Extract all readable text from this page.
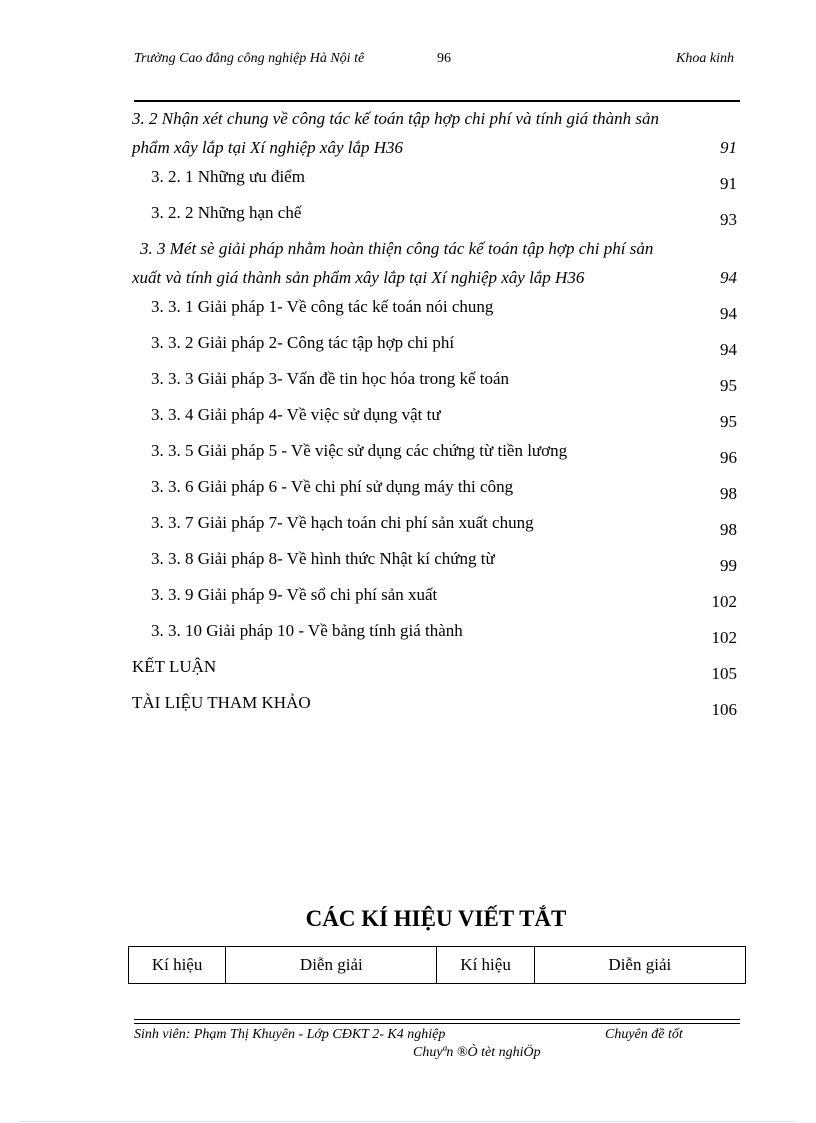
Trường Cao đẳng công nghiệp Hà Nội tê	96	Khoa kinh
3. 2 Nhận xét chung về công tác kế toán tập hợp chi phí và tính giá thành sản phẩm xây lắp tại Xí nghiệp xây lắp H36	91
3. 2. 1 Những ưu điểm	91
3. 2. 2 Những hạn chế	93
3. 3 Mét sè giải pháp nhằm hoàn thiện công tác kế toán tập hợp chi phí sản xuất và tính giá thành sản phẩm xây lắp tại Xí nghiệp xây lắp H36	94
3. 3. 1 Giải pháp 1- Về công tác kế toán nói chung	94
3. 3. 2 Giải pháp 2- Công tác tập hợp chi phí	94
3. 3. 3 Giải pháp 3- Vấn đề tin học hóa trong kế toán	95
3. 3. 4 Giải pháp 4- Về việc sử dụng vật tư	95
3. 3. 5 Giải pháp 5 - Về việc sử dụng các chứng từ tiền lương	96
3. 3. 6 Giải pháp 6 - Về chi phí sử dụng máy thi công	98
3. 3. 7 Giải pháp 7- Về hạch toán chi phí sản xuất chung	98
3. 3. 8 Giải pháp 8- Về hình thức Nhật kí chứng từ	99
3. 3. 9 Giải pháp 9- Về sổ chi phí sản xuất	102
3. 3. 10 Giải pháp 10 - Về bảng tính giá thành	102
KẾT LUẬN	105
TÀI LIỆU THAM KHẢO	106
CÁC KÍ HIỆU VIẾT TẮT
Kí hiệu	Diễn giải	Kí hiệu	Diễn giải
Sinh viên: Phạm Thị Khuyên - Lớp CĐKT 2- K4 nghiệp	Chuyên đề tốt
Chuyªn ®Ò tèt nghiÖp
